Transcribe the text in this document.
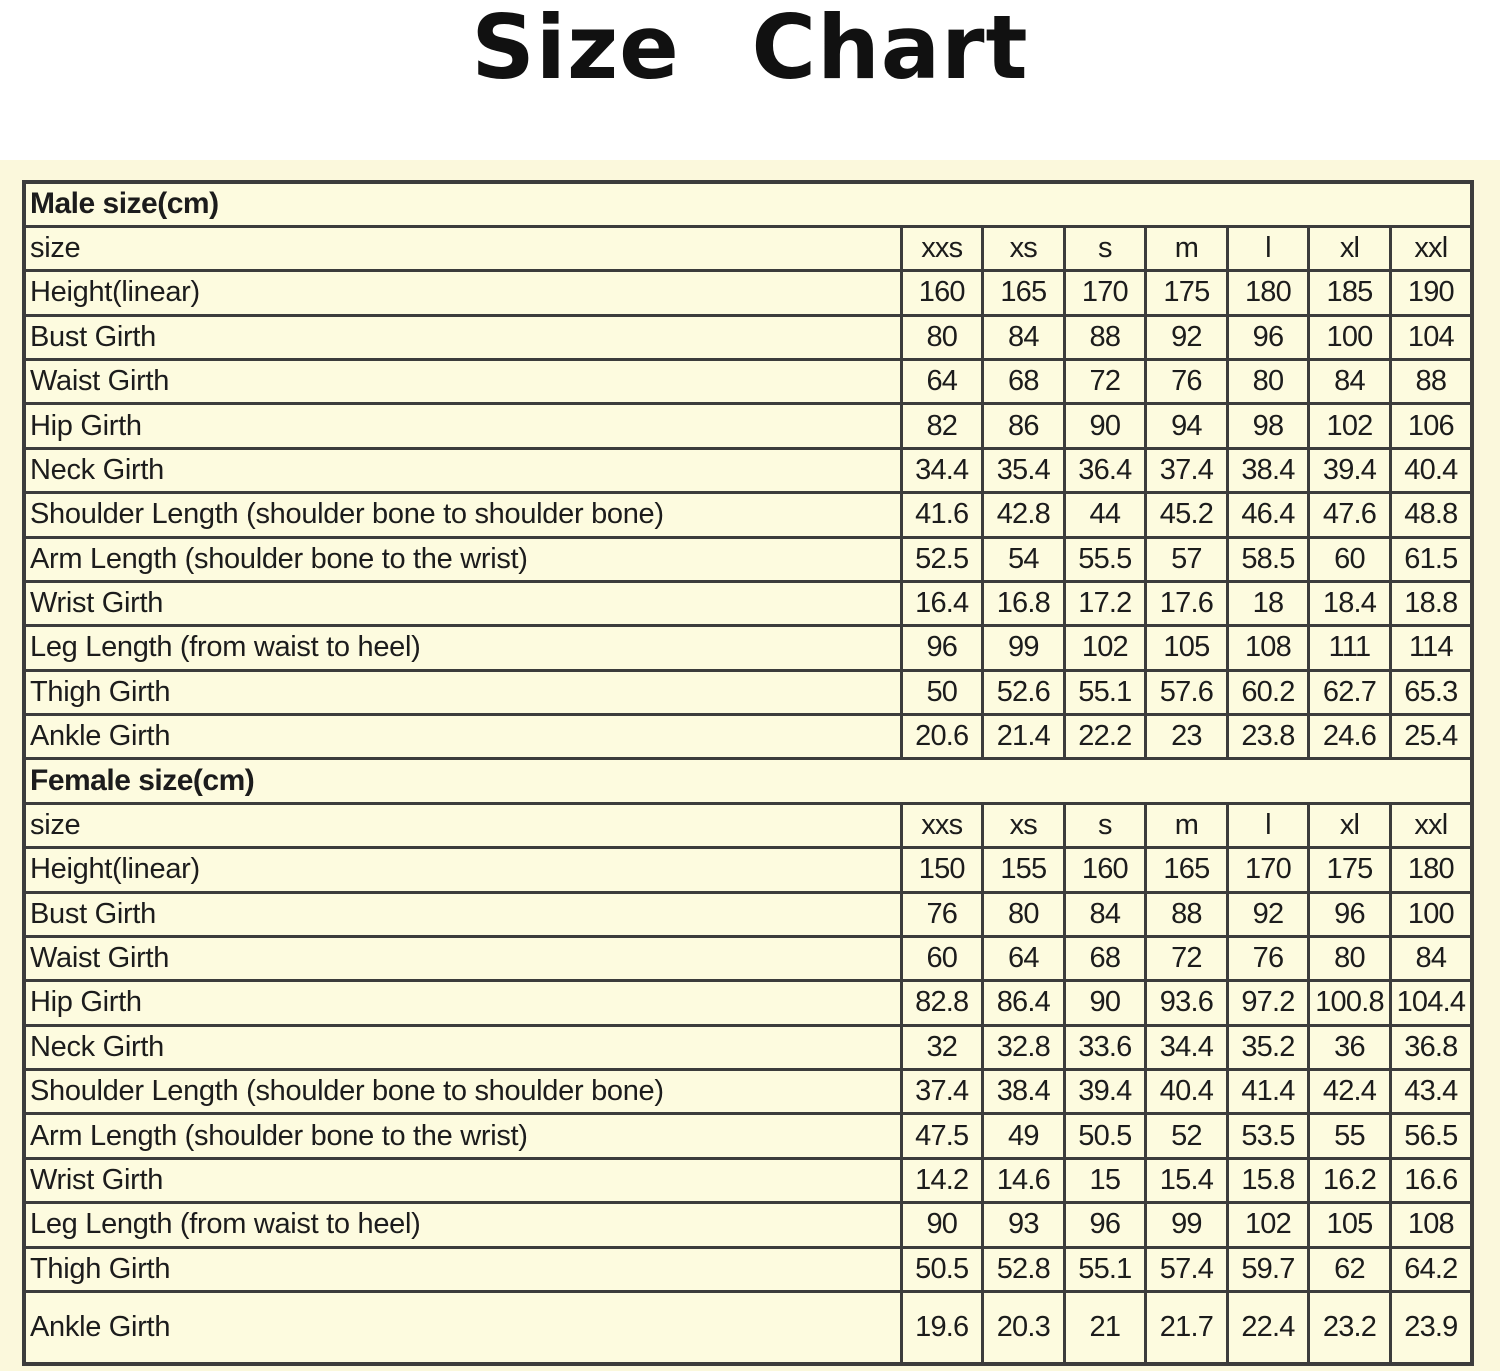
Size Chart
Male size(cm)							
size	xxs	xs	s	m	l	xl	xxl
Height(linear)	160	165	170	175	180	185	190
Bust Girth	80	84	88	92	96	100	104
Waist Girth	64	68	72	76	80	84	88
Hip Girth	82	86	90	94	98	102	106
Neck Girth	34.4	35.4	36.4	37.4	38.4	39.4	40.4
Shoulder Length (shoulder bone to shoulder bone)	41.6	42.8	44	45.2	46.4	47.6	48.8
Arm Length (shoulder bone to the wrist)	52.5	54	55.5	57	58.5	60	61.5
Wrist Girth	16.4	16.8	17.2	17.6	18	18.4	18.8
Leg Length (from waist to heel)	96	99	102	105	108	111	114
Thigh Girth	50	52.6	55.1	57.6	60.2	62.7	65.3
Ankle Girth	20.6	21.4	22.2	23	23.8	24.6	25.4
Female size(cm)							
size	xxs	xs	s	m	l	xl	xxl
Height(linear)	150	155	160	165	170	175	180
Bust Girth	76	80	84	88	92	96	100
Waist Girth	60	64	68	72	76	80	84
Hip Girth	82.8	86.4	90	93.6	97.2	100.8	104.4
Neck Girth	32	32.8	33.6	34.4	35.2	36	36.8
Shoulder Length (shoulder bone to shoulder bone)	37.4	38.4	39.4	40.4	41.4	42.4	43.4
Arm Length (shoulder bone to the wrist)	47.5	49	50.5	52	53.5	55	56.5
Wrist Girth	14.2	14.6	15	15.4	15.8	16.2	16.6
Leg Length (from waist to heel)	90	93	96	99	102	105	108
Thigh Girth	50.5	52.8	55.1	57.4	59.7	62	64.2
Ankle Girth	19.6	20.3	21	21.7	22.4	23.2	23.9
